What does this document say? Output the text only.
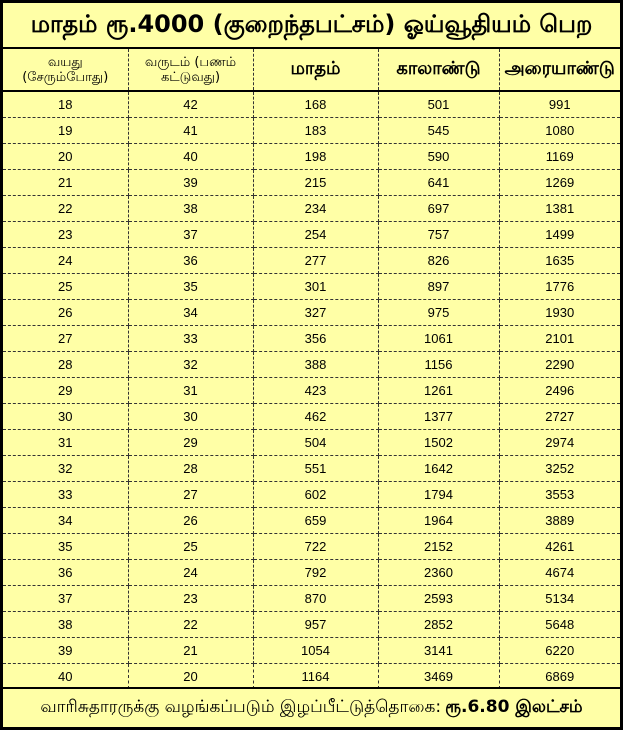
மாதம் ரூ.4000 (குறைந்தபட்சம்) ஓய்வூதியம் பெற
வயது (சேரும்போது)	வருடம் (பணம் கட்டுவது)	மாதம்	காலாண்டு	அரையாண்டு
18	42	168	501	991
19	41	183	545	1080
20	40	198	590	1169
21	39	215	641	1269
22	38	234	697	1381
23	37	254	757	1499
24	36	277	826	1635
25	35	301	897	1776
26	34	327	975	1930
27	33	356	1061	2101
28	32	388	1156	2290
29	31	423	1261	2496
30	30	462	1377	2727
31	29	504	1502	2974
32	28	551	1642	3252
33	27	602	1794	3553
34	26	659	1964	3889
35	25	722	2152	4261
36	24	792	2360	4674
37	23	870	2593	5134
38	22	957	2852	5648
39	21	1054	3141	6220
40	20	1164	3469	6869
வாரிசுதாரருக்கு வழங்கப்படும் இழப்பீட்டுத்தொகை: ரூ.6.80 இலட்சம்
